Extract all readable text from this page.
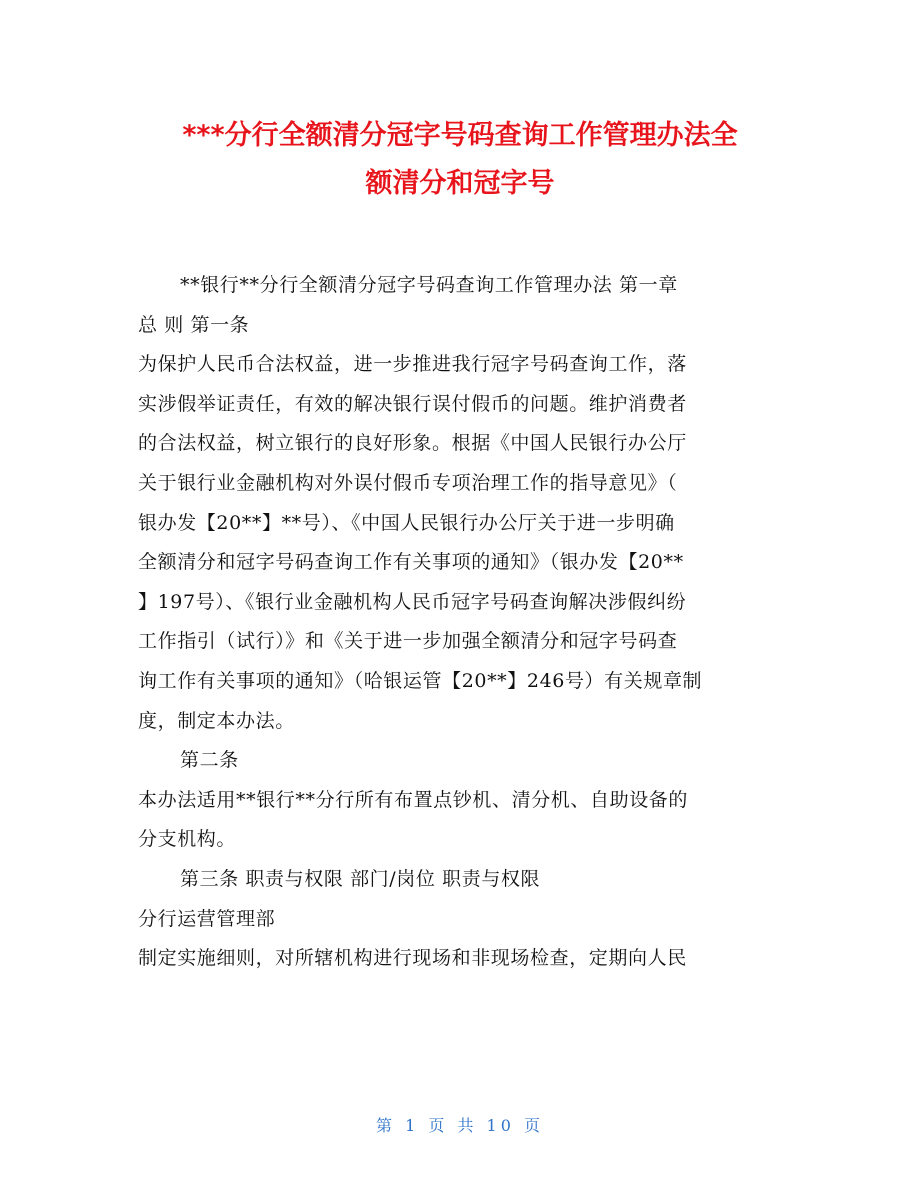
***分行全额清分冠字号码查询工作管理办法全
额清分和冠字号
**银行**分行全额清分冠字号码查询工作管理办法 第一章
总 则 第一条
为保护人民币合法权益，进一步推进我行冠字号码查询工作，落
实涉假举证责任，有效的解决银行误付假币的问题。维护消费者
的合法权益，树立银行的良好形象。根据《中国人民银行办公厅
关于银行业金融机构对外误付假币专项治理工作的指导意见》（
银办发【20**】**号）、《中国人民银行办公厅关于进一步明确
全额清分和冠字号码查询工作有关事项的通知》（银办发【20**
】197号）、《银行业金融机构人民币冠字号码查询解决涉假纠纷
工作指引（试行）》和《关于进一步加强全额清分和冠字号码查
询工作有关事项的通知》（哈银运管【20**】246号）有关规章制
度，制定本办法。
第二条
本办法适用**银行**分行所有布置点钞机、清分机、自助设备的
分支机构。
第三条 职责与权限 部门/岗位 职责与权限
分行运营管理部
制定实施细则，对所辖机构进行现场和非现场检查，定期向人民
第 1 页 共 10 页
